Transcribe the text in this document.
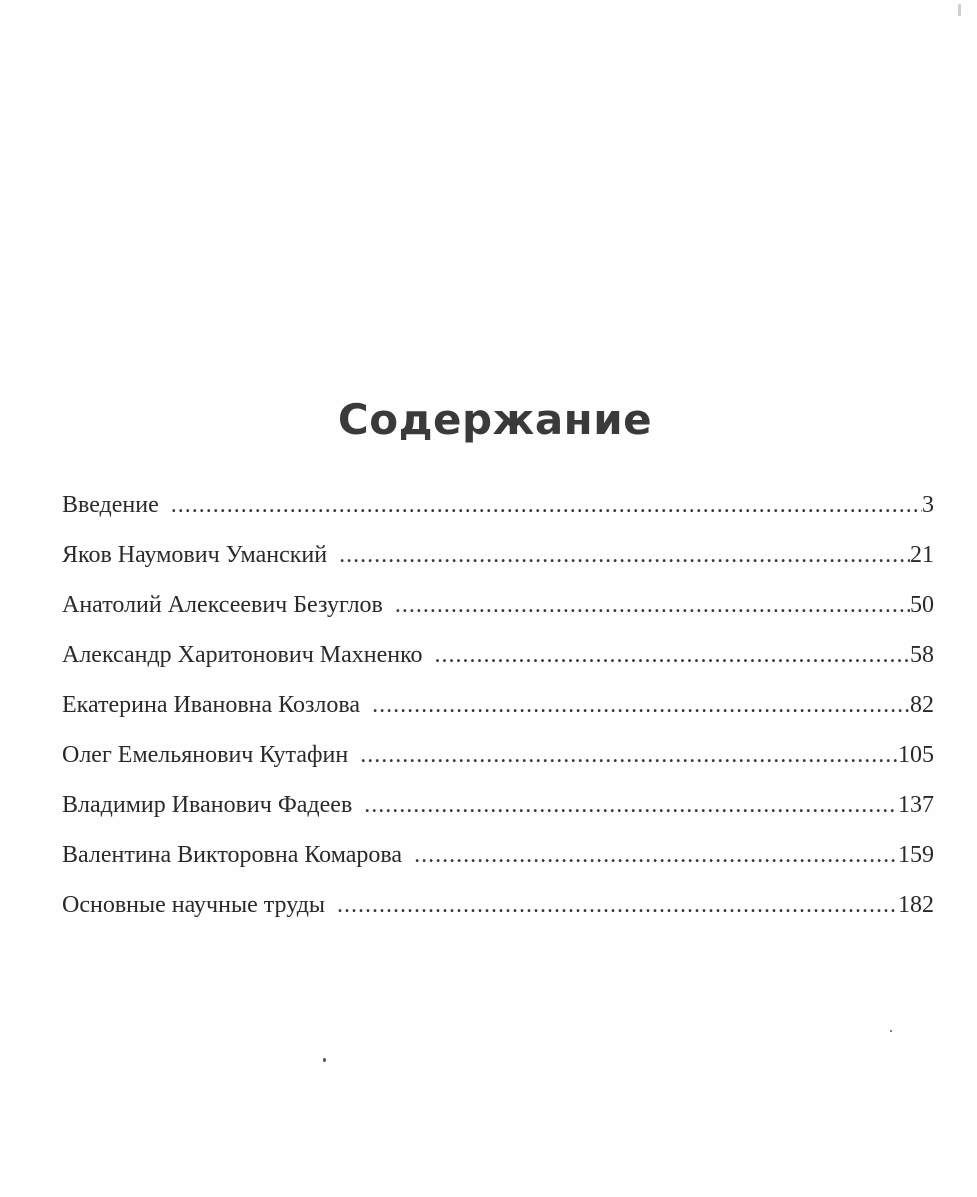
Содержание
Введение .....	3
Яков Наумович Уманский .....	21
Анатолий Алексеевич Безуглов .....	50
Александр Харитонович Махненко .....	58
Екатерина Ивановна Козлова .....	82
Олег Емельянович Кутафин .....	105
Владимир Иванович Фадеев .....	137
Валентина Викторовна Комарова .....	159
Основные научные труды .....	182
